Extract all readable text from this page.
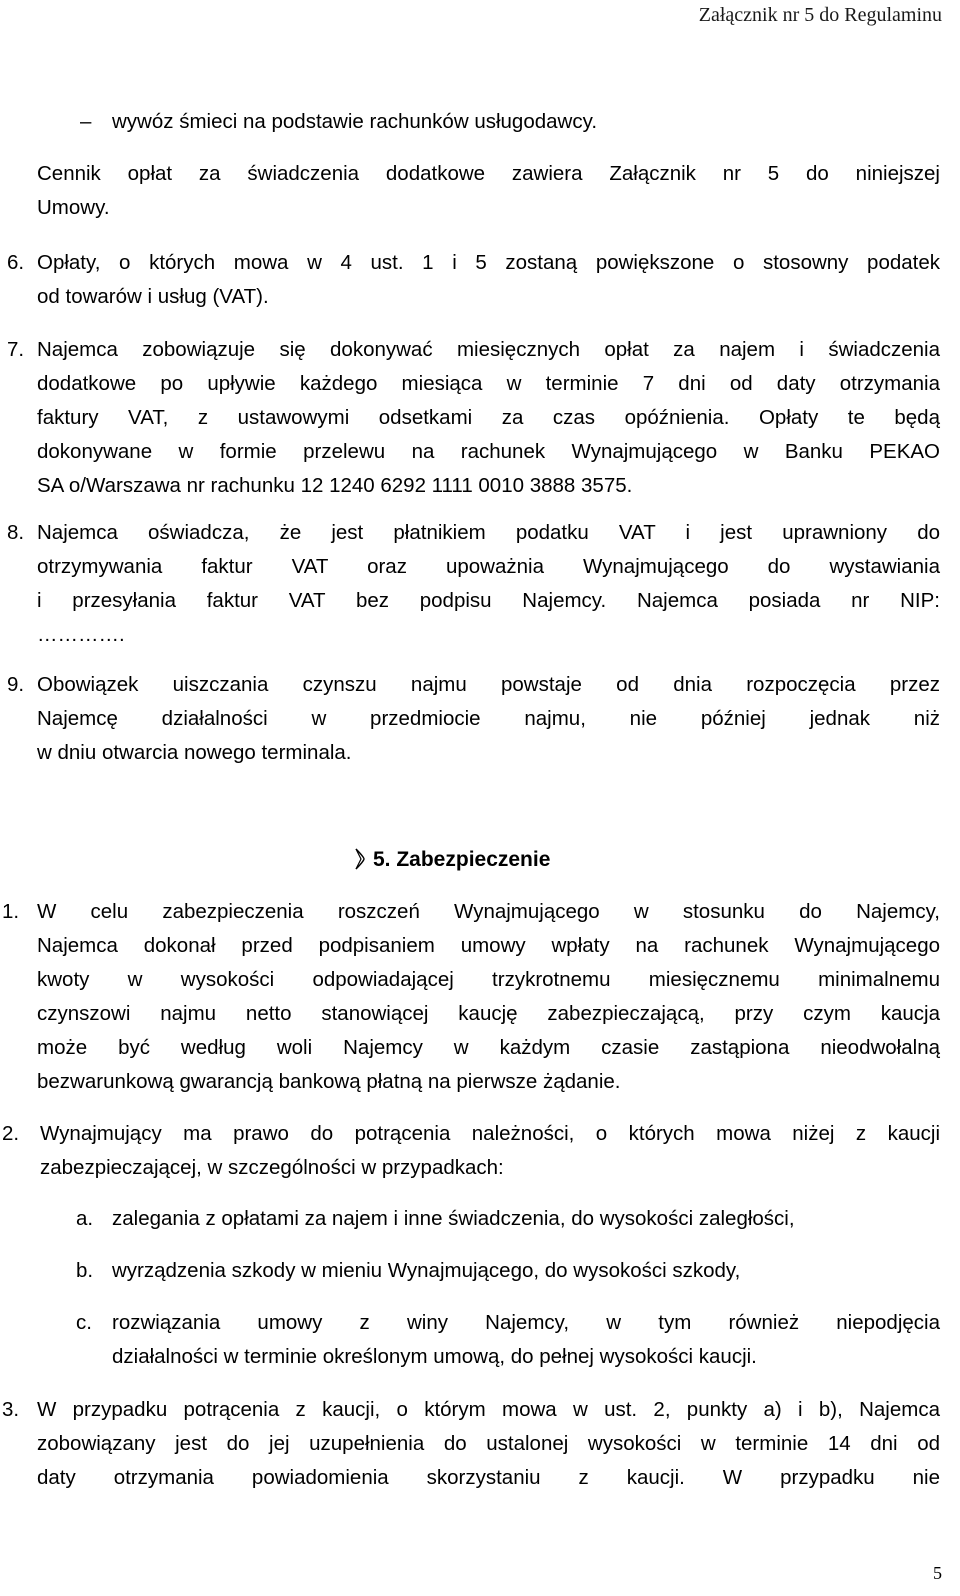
Załącznik nr 5 do Regulaminu
– wywóz śmieci na podstawie rachunków usługodawcy.
Cennik opłat za świadczenia dodatkowe zawiera Załącznik nr 5 do niniejszej
Umowy.
6. Opłaty, o których mowa w 4 ust. 1 i 5 zostaną powiększone o stosowny podatek
od towarów i usług (VAT).
7. Najemca zobowiązuje się dokonywać miesięcznych opłat za najem i świadczenia
dodatkowe po upływie każdego miesiąca w terminie 7 dni od daty otrzymania
faktury VAT, z ustawowymi odsetkami za czas opóźnienia. Opłaty te będą
dokonywane w formie przelewu na rachunek Wynajmującego w Banku PEKAO
SA o/Warszawa nr rachunku 12 1240 6292 1111 0010 3888 3575.
8. Najemca oświadcza, że jest płatnikiem podatku VAT i jest uprawniony do
otrzymywania faktur VAT oraz upoważnia Wynajmującego do wystawiania
i przesyłania faktur VAT bez podpisu Najemcy. Najemca posiada nr NIP:
………….
9. Obowiązek uiszczania czynszu najmu powstaje od dnia rozpoczęcia przez
Najemcę działalności w przedmiocie najmu, nie później jednak niż
w dniu otwarcia nowego terminala.
5. Zabezpieczenie
1. W celu zabezpieczenia roszczeń Wynajmującego w stosunku do Najemcy,
Najemca dokonał przed podpisaniem umowy wpłaty na rachunek Wynajmującego
kwoty w wysokości odpowiadającej trzykrotnemu miesięcznemu minimalnemu
czynszowi najmu netto stanowiącej kaucję zabezpieczającą, przy czym kaucja
może być według woli Najemcy w każdym czasie zastąpiona nieodwołalną
bezwarunkową gwarancją bankową płatną na pierwsze żądanie.
2. Wynajmujący ma prawo do potrącenia należności, o których mowa niżej z kaucji
zabezpieczającej, w szczególności w przypadkach:
a. zalegania z opłatami za najem i inne świadczenia, do wysokości zaległości,
b. wyrządzenia szkody w mieniu Wynajmującego, do wysokości szkody,
c. rozwiązania umowy z winy Najemcy, w tym również niepodjęcia
działalności w terminie określonym umową, do pełnej wysokości kaucji.
3. W przypadku potrącenia z kaucji, o którym mowa w ust. 2, punkty a) i b), Najemca
zobowiązany jest do jej uzupełnienia do ustalonej wysokości w terminie 14 dni od
daty otrzymania powiadomienia skorzystaniu z kaucji. W przypadku nie
5
